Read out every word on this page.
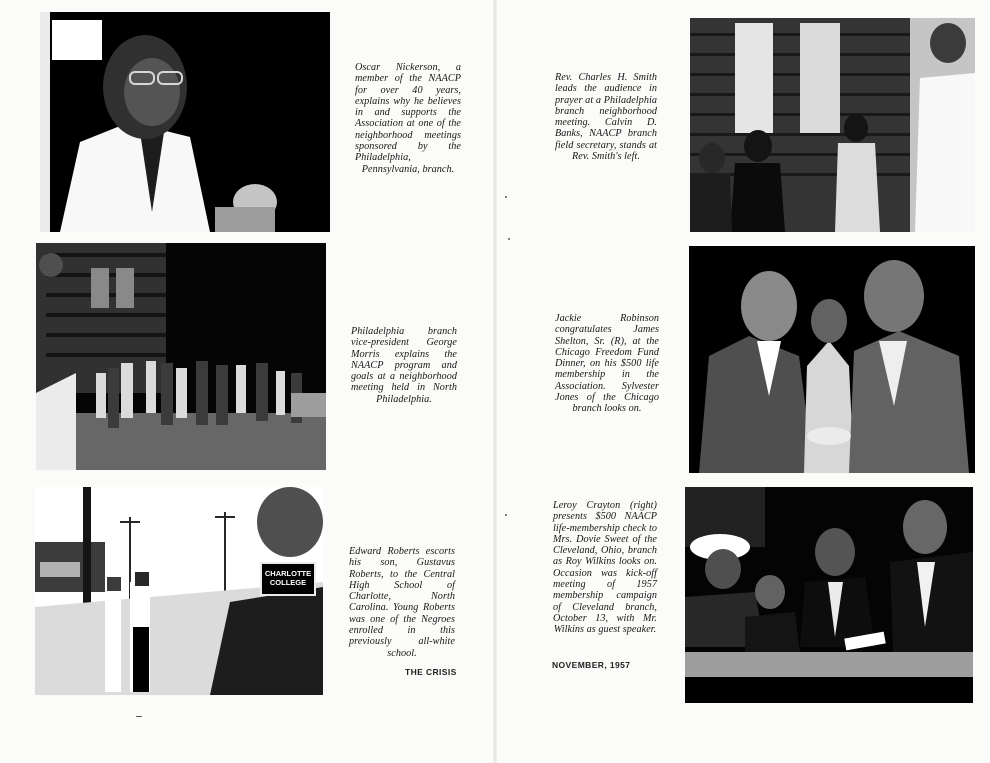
Oscar Nickerson, a member of the NAACP for over 40 years, explains why he believes in and supports the Association at one of the neighborhood meetings sponsored by the Philadelphia, Pennsylvania, branch.
Philadelphia branch vice-president George Morris explains the NAACP program and goals at a neighborhood meeting held in North Philadelphia.
CHARLOTTE
COLLEGE
Edward Roberts escorts his son, Gustavus Roberts, to the Central High School of Charlotte, North Carolina. Young Roberts was one of the Negroes enrolled in this previously all-white school.
THE CRISIS
Rev. Charles H. Smith leads the audience in prayer at a Philadelphia branch neighborhood meeting. Calvin D. Banks, NAACP branch field secretary, stands at Rev. Smith's left.
Jackie Robinson congratulates James Shelton, Sr. (R), at the Chicago Freedom Fund Dinner, on his $500 life membership in the Association. Sylvester Jones of the Chicago branch looks on.
Leroy Crayton (right) presents $500 NAACP life-membership check to Mrs. Dovie Sweet of the Cleveland, Ohio, branch as Roy Wilkins looks on. Occasion was kick-off meeting of 1957 membership campaign of Cleveland branch, October 13, with Mr. Wilkins as guest speaker.
NOVEMBER, 1957
